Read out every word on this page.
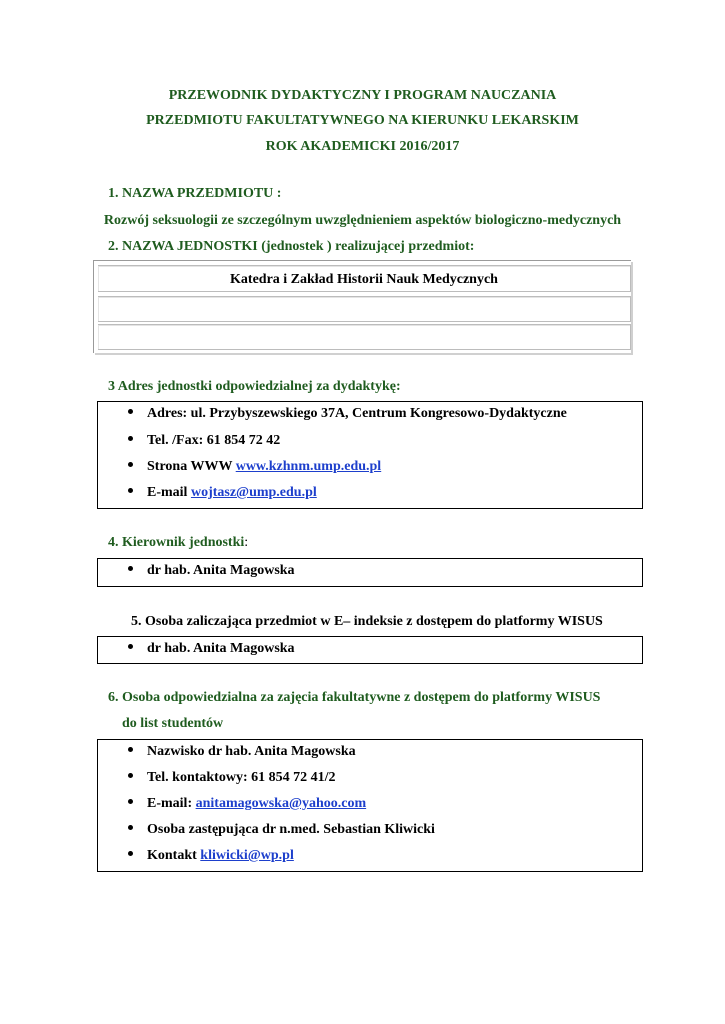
PRZEWODNIK DYDAKTYCZNY I PROGRAM NAUCZANIA
PRZEDMIOTU FAKULTATYWNEGO NA KIERUNKU LEKARSKIM
ROK AKADEMICKI 2016/2017
1. NAZWA PRZEDMIOTU :
Rozwój seksuologii ze szczególnym uwzględnieniem aspektów biologiczno-medycznych
2. NAZWA JEDNOSTKI (jednostek ) realizującej przedmiot:
Katedra i Zakład Historii Nauk Medycznych
3 Adres jednostki odpowiedzialnej za dydaktykę:
Adres: ul. Przybyszewskiego 37A, Centrum Kongresowo-Dydaktyczne
Tel. /Fax: 61 854 72 42
Strona WWW www.kzhnm.ump.edu.pl
E-mail wojtasz@ump.edu.pl
4. Kierownik jednostki:
dr hab. Anita Magowska
5. Osoba zaliczająca przedmiot w E– indeksie z dostępem do platformy WISUS
dr hab. Anita Magowska
6. Osoba odpowiedzialna za zajęcia fakultatywne z dostępem do platformy WISUS
do list studentów
Nazwisko dr hab. Anita Magowska
Tel. kontaktowy: 61 854 72 41/2
E-mail: anitamagowska@yahoo.com
Osoba zastępująca dr n.med. Sebastian Kliwicki
Kontakt kliwicki@wp.pl
